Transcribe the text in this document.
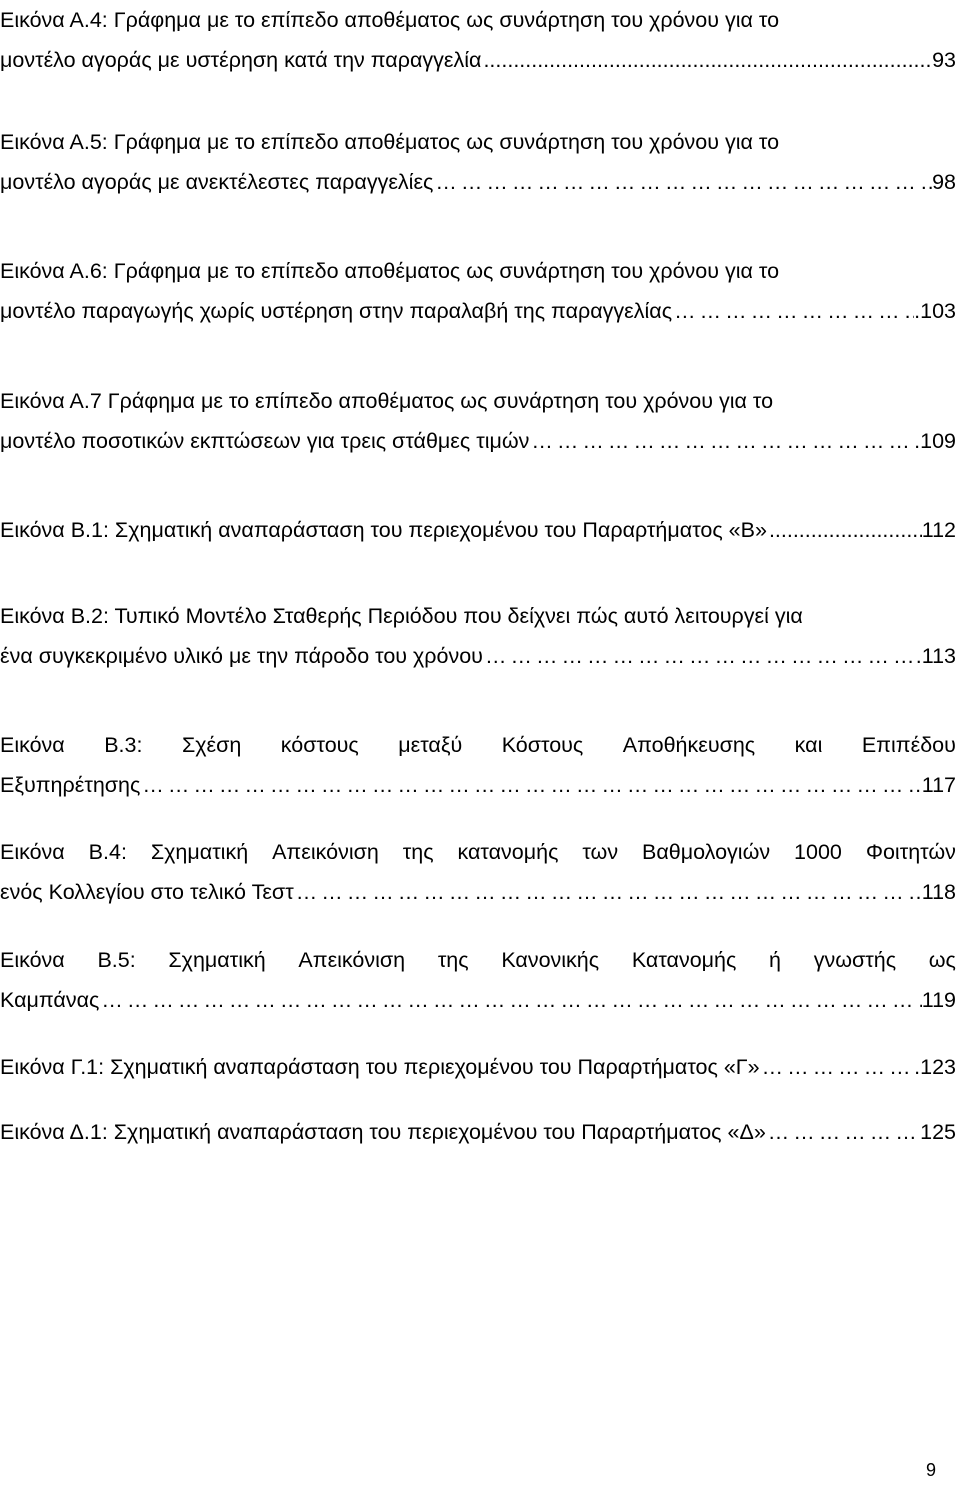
Εικόνα Α.4: Γράφημα με το επίπεδο αποθέματος ως συνάρτηση του χρόνου για το
μοντέλο αγοράς με υστέρηση κατά την παραγγελία .....	93
Εικόνα Α.5: Γράφημα με το επίπεδο αποθέματος ως συνάρτηση του χρόνου για το
μοντέλο αγοράς με ανεκτέλεστες παραγγελίες …………………………………………………………………………………………………………………………………………………………………………	98
Εικόνα Α.6: Γράφημα με το επίπεδο αποθέματος ως συνάρτηση του χρόνου για το
μοντέλο παραγωγής χωρίς υστέρηση στην παραλαβή της παραγγελίας …………………………………………………………………………………………………………………………………………………………………………	.103
Εικόνα Α.7 Γράφημα με το επίπεδο αποθέματος ως συνάρτηση του χρόνου για το
μοντέλο ποσοτικών εκπτώσεων για τρεις στάθμες τιμών …………………………………………………………………………………………………………………………………………………………………………	.109
Εικόνα Β.1: Σχηματική αναπαράσταση του περιεχομένου του Παραρτήματος «Β» .....	112
Εικόνα Β.2: Τυπικό Μοντέλο Σταθερής Περιόδου που δείχνει πώς αυτό λειτουργεί για
ένα συγκεκριμένο υλικό με την πάροδο του χρόνου …………………………………………………………………………………………………………………………………………………………………………	.113
Εικόνα Β.3: Σχέση κόστους μεταξύ Κόστους Αποθήκευσης και Επιπέδου
Εξυπηρέτησης …………………………………………………………………………………………………………………………………………………………………………	117
Εικόνα Β.4: Σχηματική Απεικόνιση της κατανομής των Βαθμολογιών 1000 Φοιτητών
ενός Κολλεγίου στο τελικό Τεστ …………………………………………………………………………………………………………………………………………………………………………	118
Εικόνα Β.5: Σχηματική Απεικόνιση της Κανονικής Κατανομής ή γνωστής ως
Καμπάνας …………………………………………………………………………………………………………………………………………………………………………	119
Εικόνα Γ.1: Σχηματική αναπαράσταση του περιεχομένου του Παραρτήματος «Γ» …………………………………………………………………………………………………………………………………………………………………………	.123
Εικόνα Δ.1: Σχηματική αναπαράσταση του περιεχομένου του Παραρτήματος «Δ» …………………………………………………………………………………………………………………………………………………………………………	125
9
